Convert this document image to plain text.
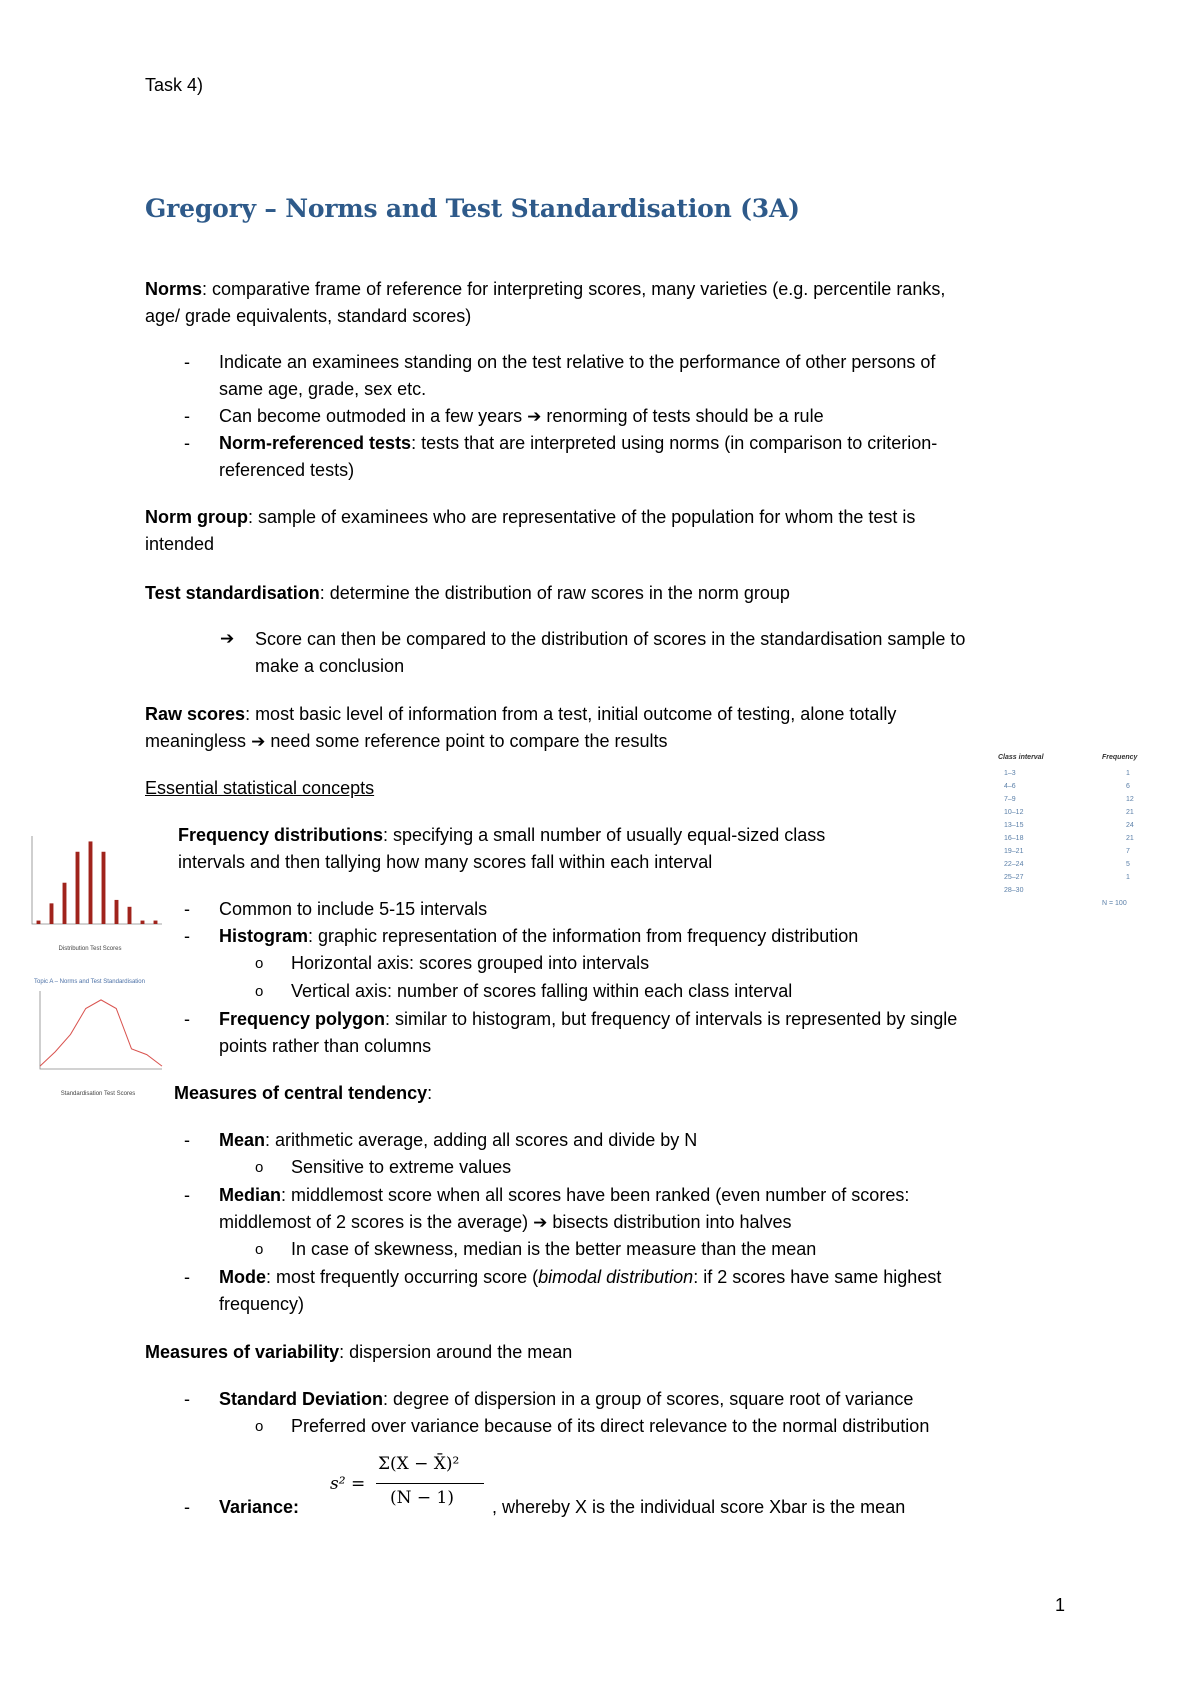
Task 4)
Gregory – Norms and Test Standardisation (3A)
Norms: comparative frame of reference for interpreting scores, many varieties (e.g. percentile ranks,
age/ grade equivalents, standard scores)
- Indicate an examinees standing on the test relative to the performance of other persons of
same age, grade, sex etc.
- Can become outmoded in a few years ➔ renorming of tests should be a rule
- Norm-referenced tests: tests that are interpreted using norms (in comparison to criterion-
referenced tests)
Norm group: sample of examinees who are representative of the population for whom the test is
intended
Test standardisation: determine the distribution of raw scores in the norm group
➔ Score can then be compared to the distribution of scores in the standardisation sample to
make a conclusion
Raw scores: most basic level of information from a test, initial outcome of testing, alone totally
meaningless ➔ need some reference point to compare the results
Essential statistical concepts
Frequency distributions: specifying a small number of usually equal-sized class
intervals and then tallying how many scores fall within each interval
- Common to include 5-15 intervals
- Histogram: graphic representation of the information from frequency distribution
o Horizontal axis: scores grouped into intervals
o Vertical axis: number of scores falling within each class interval
- Frequency polygon: similar to histogram, but frequency of intervals is represented by single
points rather than columns
Measures of central tendency:
- Mean: arithmetic average, adding all scores and divide by N
o Sensitive to extreme values
- Median: middlemost score when all scores have been ranked (even number of scores:
middlemost of 2 scores is the average) ➔ bisects distribution into halves
o In case of skewness, median is the better measure than the mean
- Mode: most frequently occurring score (bimodal distribution: if 2 scores have same highest
frequency)
Measures of variability: dispersion around the mean
- Standard Deviation: degree of dispersion in a group of scores, square root of variance
o Preferred over variance because of its direct relevance to the normal distribution
- Variance:
s² =
Σ(X − X̄)²
(N − 1) , whereby X is the individual score Xbar is the mean
Class interval	Frequency
1–3	1
4–6	6
7–9	12
10–12	21
13–15	24
16–18	21
19–21	7
22–24	5
25–27	1
28–30
N = 100
Distribution Test Scores
Topic A – Norms and Test Standardisation
Standardisation Test Scores
1
